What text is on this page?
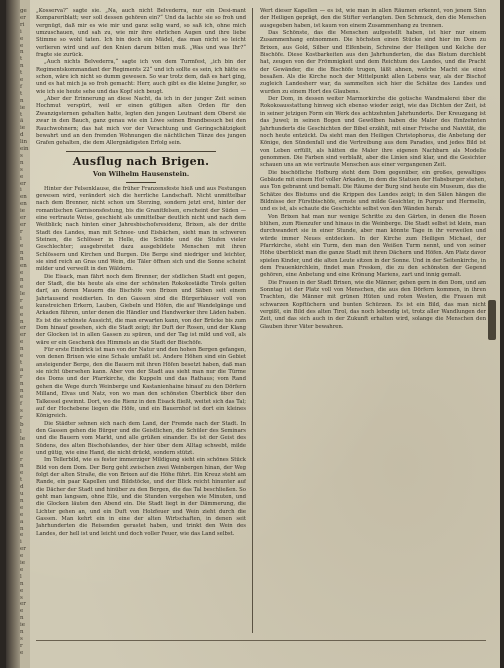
„Kosserva?“ sagte sie. „Na, auch nicht Belvederra, nur ein Desi-mant Kompareriblatt; wer soll dessen gehören ein?“ Und da lachte sie so froh und vergnügt, daß mir es wie mir und ganz selig ward, so saß ich, ohne mich umzuschauen, und sah zu, wie mir ihre ehrlichen Augen und ihre liebe Stimme so wohl taten. Ich bin doch ein Mädel, das man nicht so leicht verlieren wird und auf den Knien darum bitten muß. „Was und was Ihr?“ fragte sie zurück.

„Auch nichts Belvederra,“ sagte ich von dem Turmfest, „ich bin der Regimentskommandant der Regiments 22“ und ich sollte es sein, ich hätte es schon, wäre ich nicht so dumm gewesen. So war trotz dem, daß es hart ging, und es hat mich ja so froh gemacht: Herr, auch gibt es die kleine Jungfer, so wie ich sie heute sehe und das Kopf sich beugt.

„Aber der Erinnerung an diese Nacht, da ich in der junger Zeit seinen Hochmut verspürt, weil er einen gültigen alten Orden für den Zwanzigsternen gehalten hatte, legten den jungen Leutnant dem Oberst sie zwar in den Bauch, ganz genau wie ein Löwe seinen Brandbesuch bei den Rauchwohnern; das hat mich vor der Verachtung und Geringschätzigkeit bewahrt und an den fremden Wohnungen die nächtlichen Tänze des jungen Grafen gehalten, die dem Allergnädigsten Erfolg sein.

Ausflug nach Brigen.
Von Wilhelm Hausenstein.

Hinter der Felsenklause, die früher Franzensfeste hieß und aus Festungen gewesen wird, verändert sich die herrliche Landschaft. Nicht unmittelbar nach dem Brenner, nicht schon um Sterzing, sondern jetzt erst, hinter der romantischen Garnisonsfestung, bis die Granitfelsen, erscheint der Süden — eine vertraute Weise, geschieht als unmittelbar deutlich nicht und nach dem Weitblick; nach hinten einer Jahresbischofsresidenz, Brixen, als der dritte Stadt des Landes, man mit Schnee- und Eisbächen, sieht man in schweren Steinen, die Schlösser in Helle, die Schilde und die Stufen vieler Geschlechter; ausgebreitet dazu ausgebildete Menschen mit ihren Schlössern und Kirchen und Burgen. Die Berge sind niedriger und leichter, sie sind reich an Gras und Wein, die Täler öffnen sich und die Sonne scheint milder und verweilt in den Wäldern.

Die Eisack, man fährt noch dem Brenner, der südlichen Stadt ent gegen, der Stadt, die bis heute als eine der schönsten Rokokostädte Tirols gelten darf, an deren Mauern die Bischöfe von Brixen und Säben seit einem Jahrtausend residierten. In den Gassen sind die Bürgerhäuser voll von kunstreichen Erkern, Lauben, Giebeln und Höfen, die auf Wandelgänge und Arkaden führen, unter denen die Händler und Handwerker ihre Läden haben. Es ist die schönste Aussicht, die man erwarten kann, von der Brücke bis zum Dom hinauf gesehen, sich die Stadt zeigt; ihr Duft der Rosen, und der Klang der Glocken ist in allen Gassen zu spüren, und der Tag ist mild und voll, als wäre er ein Geschenk des Himmels an die Stadt der Bischöfe.

Für erste Eindrick ist man von der Natur und den hohen Bergen gefangen, von denen Brixen wie eine Schale umfaßt ist. Andere Höhen sind ein Gebiet ansteigender Berge, den die Bauern mit ihren Höfen besetzt haben, daß man sie nicht übersehen kann. Aber von der Stadt aus sieht man nur die Türme des Doms und der Pfarrkirche, die Kuppeln und das Rathaus; vom Rand gehen die Wege durch Weinberge und Kastanienhaine hinauf zu den Dörfern Milland, Elvas und Natz, von wo man den schönsten Überblick über den Talkessel gewinnt. Dort, wo die Rienz in den Eisack fließt, weitet sich das Tal; auf der Hochebene liegen die Höfe, und ein Bauernhof ist dort ein kleines Königreich.

Die Städter sehnen sich nach dem Land, der Fremde nach der Stadt. In den Gassen gehen die Bürger und die Geistlichen, die Schüler des Seminars und die Bauern vom Markt, und alle grüßen einander. Es ist der Geist des Südens, des alten Bischofslandes, der hier über dem Alltag schwebt, milde und gütig, wie eine Hand, die nicht drückt, sondern stützt.

Im Tellerbild, wie es fester immerziger Mildigung sieht ein schönes Stück Bild von dem Dom. Der Berg geht zwischen zwei Weinbergen hinan, der Weg folgt der alten Straße, die von Brixen auf die Höhe führt. Ein Kreuz steht am Rande, ein paar Kapellen und Bildstöcke, und der Blick reicht hinunter auf die Dächer der Stadt und hinüber zu den Bergen, die das Tal beschließen. So geht man langsam, ohne Eile, und die Stunden vergehen wie Minuten, und die Glocken läuten den Abend ein. Die Stadt liegt in der Dämmerung, die Lichter gehen an, und ein Duft von Holzfeuer und Wein zieht durch die Gassen. Man kehrt ein in eine der alten Wirtschaften, in denen seit Jahrhunderten die Reisenden gerastet haben, und trinkt den Wein des Landes, der hell ist und leicht und doch voller Feuer, wie das Land selbst.

Wert dieser Kapellen — es ist, wie man in allen Räumen erkennt, von jenem Sinn der Heiligen geprägt, den die Stifter verlangten. Den Schmuck, den die Menschen ausgegeben haben, ist kaum von einem Zusammenhang zu trennen.

Das Schönste, das die Menschen aufgestellt haben, ist hier nur einem Zusammenhang entnommen. Die höchsten einen Stücke sind hier im Dom zu Brixen, aus Gold, Silber und Elfenbein, Schreine der Heiligen und Kelche der Bischöfe. Diese Kostbarkeiten aus den Jahrhunderten, die das Bistum durchlebt hat, zeugen von der Frömmigkeit und dem Reichtum des Landes, und die Pracht der Gewänder, die die Bischöfe trugen, läßt ahnen, welche Macht sie einst besaßen. Als die Kirche noch der Mittelpunkt allen Lebens war, als der Bischof zugleich Landesherr war, da sammelten sich hier die Schätze des Landes und wurden zu einem Hort des Glaubens.

Der Dom, in dessen weiter Marmorkirche die gotische Wandmalerei über die Rokokoausstattung hinweg sich ebenso wieder zeigt, wie das Dichten der Zeit, ist in seiner jetzigen Form ein Werk des achtzehnten Jahrhunderts. Der Kreuzgang ist das Juwel; in seinen Bogen und Gewölben haben die Maler des fünfzehnten Jahrhunderts die Geschichten der Bibel erzählt, mit einer Frische und Naivität, die noch heute entzückt. Da sieht man den Heiligen Christophorus, die Anbetung der Könige, den Sündenfall und die Vertreibung aus dem Paradies, und jedes Bild ist von Leben erfüllt, als hätten die Maler ihre eigenen Nachbarn als Modelle genommen. Die Farben sind verblaßt, aber die Linien sind klar, und die Gesichter schauen uns an wie vertraute Menschen aus einer vergangenen Zeit.

Die bischöfliche Hofburg steht dem Dom gegenüber, ein großes, gewaltiges Gebäude mit einem Hof voller Arkaden, in dem die Statuen der Habsburger stehen, aus Ton gebrannt und bemalt. Die Räume der Burg sind heute ein Museum, das die Schätze des Bistums und die Krippen des Landes zeigt; in den Sälen hängen die Bildnisse der Fürstbischöfe, ernste und milde Gesichter, in Purpur und Hermelin, und es ist, als schaute die Geschichte selbst von den Wänden herab.

Von Brixen hat man nur wenige Schritte zu den Gärten, in denen die Rosen blühen, zum Rienzufer und hinaus in die Weinberge. Die Stadt selbst ist klein, man durchwandert sie in einer Stunde, aber man könnte Tage in ihr verweilen und würde immer Neues entdecken. In der Kirche zum Heiligen Michael, der Pfarrkirche, steht ein Turm, den man den Weißen Turm nennt, und von seiner Höhe überblickt man die ganze Stadt mit ihren Dächern und Höfen. Am Platz davor spielen Kinder, und die alten Leute sitzen in der Sonne. Und in der Seitenkirche, in dem Frauenkirchlein, findet man Fresken, die zu den schönsten der Gegend gehören, eine Anbetung und eine Krönung Mariens, zart und innig gemalt.

Die Frauen in der Stadt Brixen, wie die Männer, gehen gern in den Dom, und am Sonntag ist der Platz voll von Menschen, die aus den Dörfern kommen, in ihren Trachten, die Männer mit grünen Hüten und roten Westen, die Frauen mit schwarzen Kopftüchern und bunten Schürzen. Es ist ein Bild, das man nicht vergißt, ein Bild des alten Tirol, das noch lebendig ist, trotz aller Wandlungen der Zeit, und das sich auch in der Zukunft erhalten wird, solange die Menschen den Glauben ihrer Väter bewahren.

ge
er
ri
i
e
e
n
t
n
t
e
f
t
n
ie
t
ä
ie
d
lin
ein
s
n
s
e
er
i
en
en
ie
er
er
r
i
e
n
n
en
e
n
e
le
r
e
e
n
er
er
e
n
e
t
a
r
n
n
e
f
s
r
b
l
le
n
e
r
n
e
t
d
u
n
e
e
a
n
e
i
er
e
ie
e
l
n
e
s
er
e
n
ie
n
s
r
e
